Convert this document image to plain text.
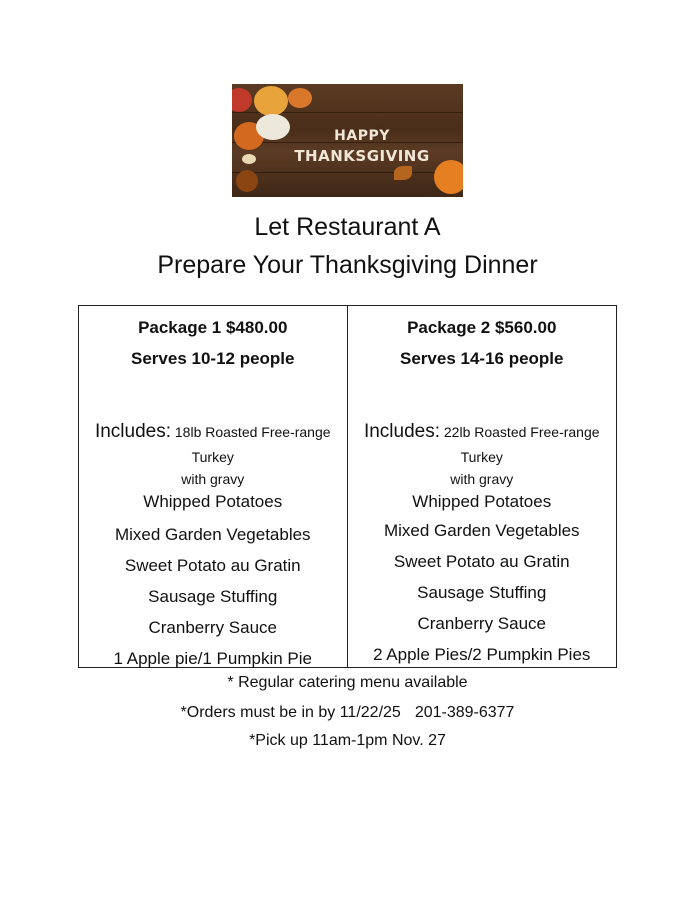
HAPPY
THANKSGIVING
Let Restaurant A
Prepare Your Thanksgiving Dinner
Package 1 $480.00
Serves 10-12 people
Includes: 18lb Roasted Free-range Turkey
with gravy
Whipped Potatoes
Mixed Garden Vegetables
Sweet Potato au Gratin
Sausage Stuffing
Cranberry Sauce
1 Apple pie/1 Pumpkin Pie
Package 2 $560.00
Serves 14-16 people
Includes: 22lb Roasted Free-range Turkey
with gravy
Whipped Potatoes
Mixed Garden Vegetables
Sweet Potato au Gratin
Sausage Stuffing
Cranberry Sauce
2 Apple Pies/2 Pumpkin Pies
* Regular catering menu available
*Orders must be in by 11/22/25 201-389-6377
*Pick up 11am-1pm Nov. 27
